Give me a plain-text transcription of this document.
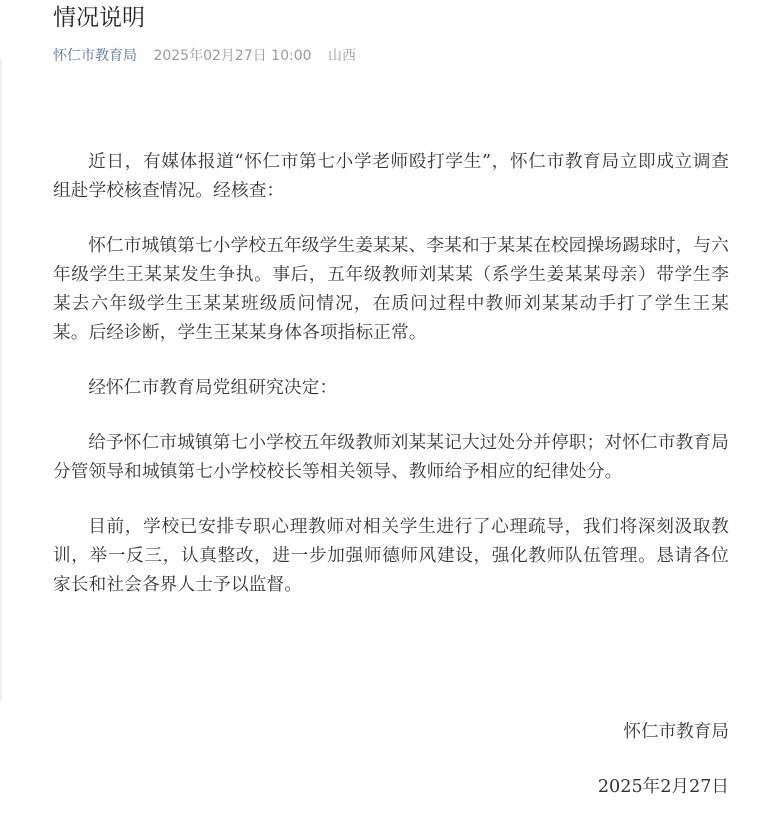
情况说明
怀仁市教育局 2025年02月27日 10:00 山西

近日，有媒体报道“怀仁市第七小学老师殴打学生”，怀仁市教育局立即成立调查组赴学校核查情况。经核查：

怀仁市城镇第七小学校五年级学生姜某某、李某和于某某在校园操场踢球时，与六年级学生王某某发生争执。事后，五年级教师刘某某（系学生姜某某母亲）带学生李某去六年级学生王某某班级质问情况，在质问过程中教师刘某某动手打了学生王某某。后经诊断，学生王某某身体各项指标正常。

经怀仁市教育局党组研究决定：

给予怀仁市城镇第七小学校五年级教师刘某某记大过处分并停职；对怀仁市教育局分管领导和城镇第七小学校校长等相关领导、教师给予相应的纪律处分。

目前，学校已安排专职心理教师对相关学生进行了心理疏导，我们将深刻汲取教训，举一反三，认真整改，进一步加强师德师风建设，强化教师队伍管理。恳请各位家长和社会各界人士予以监督。

怀仁市教育局
2025年2月27日
